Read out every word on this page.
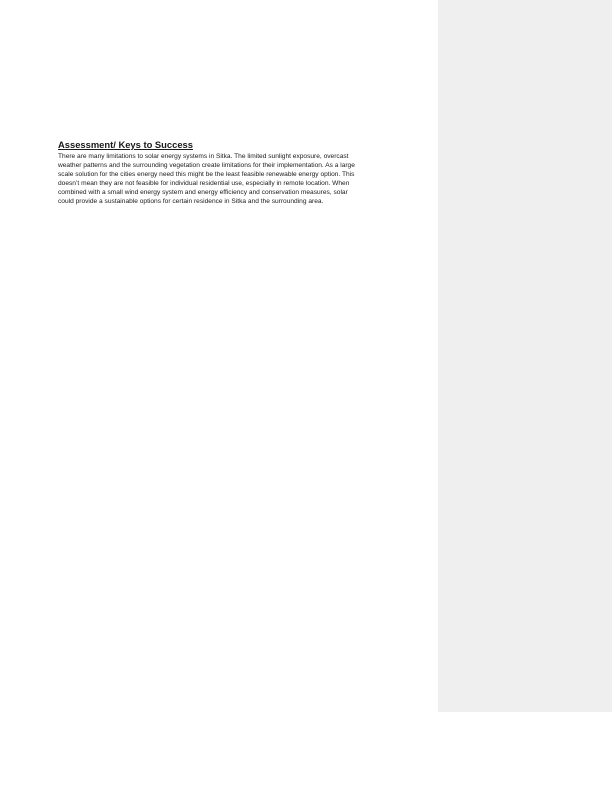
Assessment/ Keys to Success

There are many limitations to solar energy systems in Sitka. The limited sunlight exposure, overcast
weather patterns and the surrounding vegetation create limitations for their implementation. As a large
scale solution for the cities energy need this might be the least feasible renewable energy option. This
doesn’t mean they are not feasible for individual residential use, especially in remote location. When
combined with a small wind energy system and energy efficiency and conservation measures, solar
could provide a sustainable options for certain residence in Sitka and the surrounding area.
